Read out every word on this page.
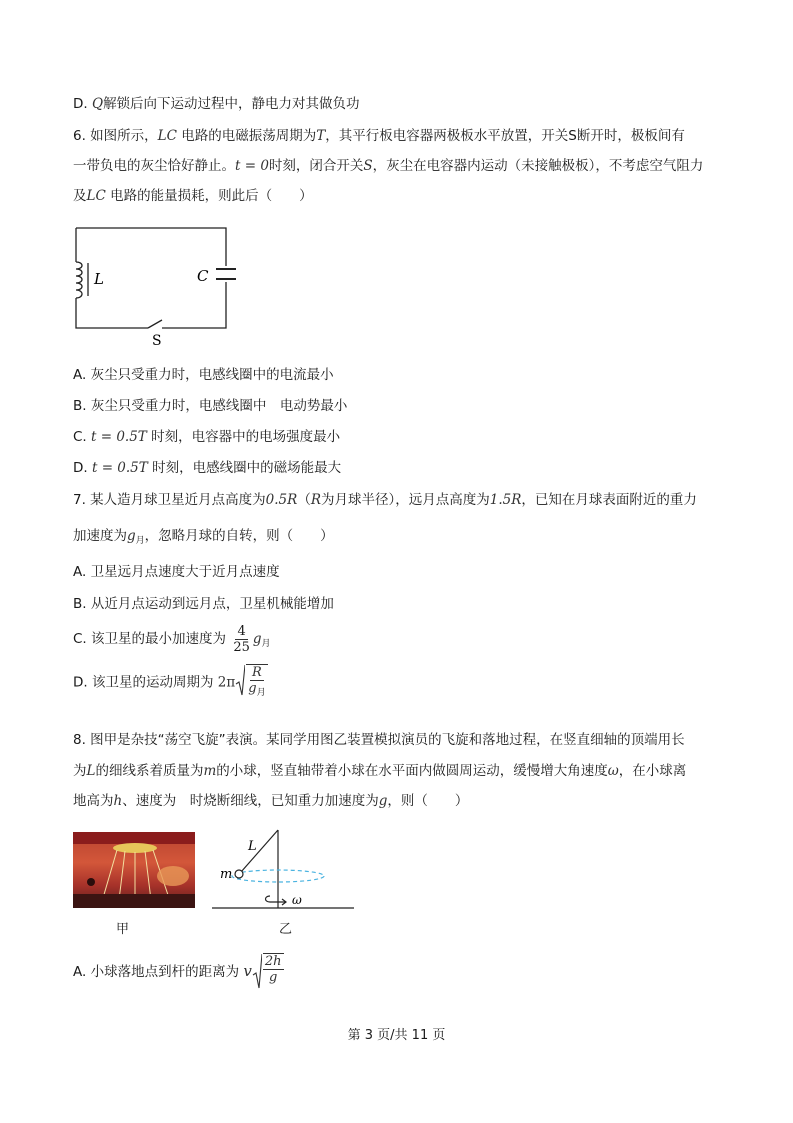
D. Q解锁后向下运动过程中，静电力对其做负功
6. 如图所示，LC 电路的电磁振荡周期为T，其平行板电容器两极板水平放置，开关S断开时，极板间有
一带负电的灰尘恰好静止。t = 0时刻，闭合开关S，灰尘在电容器内运动（未接触极板），不考虑空气阻力
及LC 电路的能量损耗，则此后（　　）
L	C
S
A. 灰尘只受重力时，电感线圈中的电流最小
B. 灰尘只受重力时，电感线圈中　电动势最小
C. t = 0.5T 时刻，电容器中的电场强度最小
D. t = 0.5T 时刻，电感线圈中的磁场能最大
7. 某人造月球卫星近月点高度为0.5R（R为月球半径），远月点高度为1.5R，已知在月球表面附近的重力
加速度为$g_月$，忽略月球的自转，则（　　）
A. 卫星远月点速度大于近月点速度
B. 从近月点运动到远月点，卫星机械能增加
C. 该卫星的最小加速度为 $\frac{4}{25} g_月$
D. 该卫星的运动周期为 $2\pi \frac{R}{g_月}$
8. 图甲是杂技“荡空飞旋”表演。某同学用图乙装置模拟演员的飞旋和落地过程，在竖直细轴的顶端用长
为L的细线系着质量为m的小球，竖直轴带着小球在水平面内做圆周运动，缓慢增大角速度ω，在小球离
地高为h、速度为　时烧断细线，已知重力加速度为g，则（　　）
甲
L
m
ω
乙
A. 小球落地点到杆的距离为 v $\frac{2h}{g}$
第 3 页/共 11 页
